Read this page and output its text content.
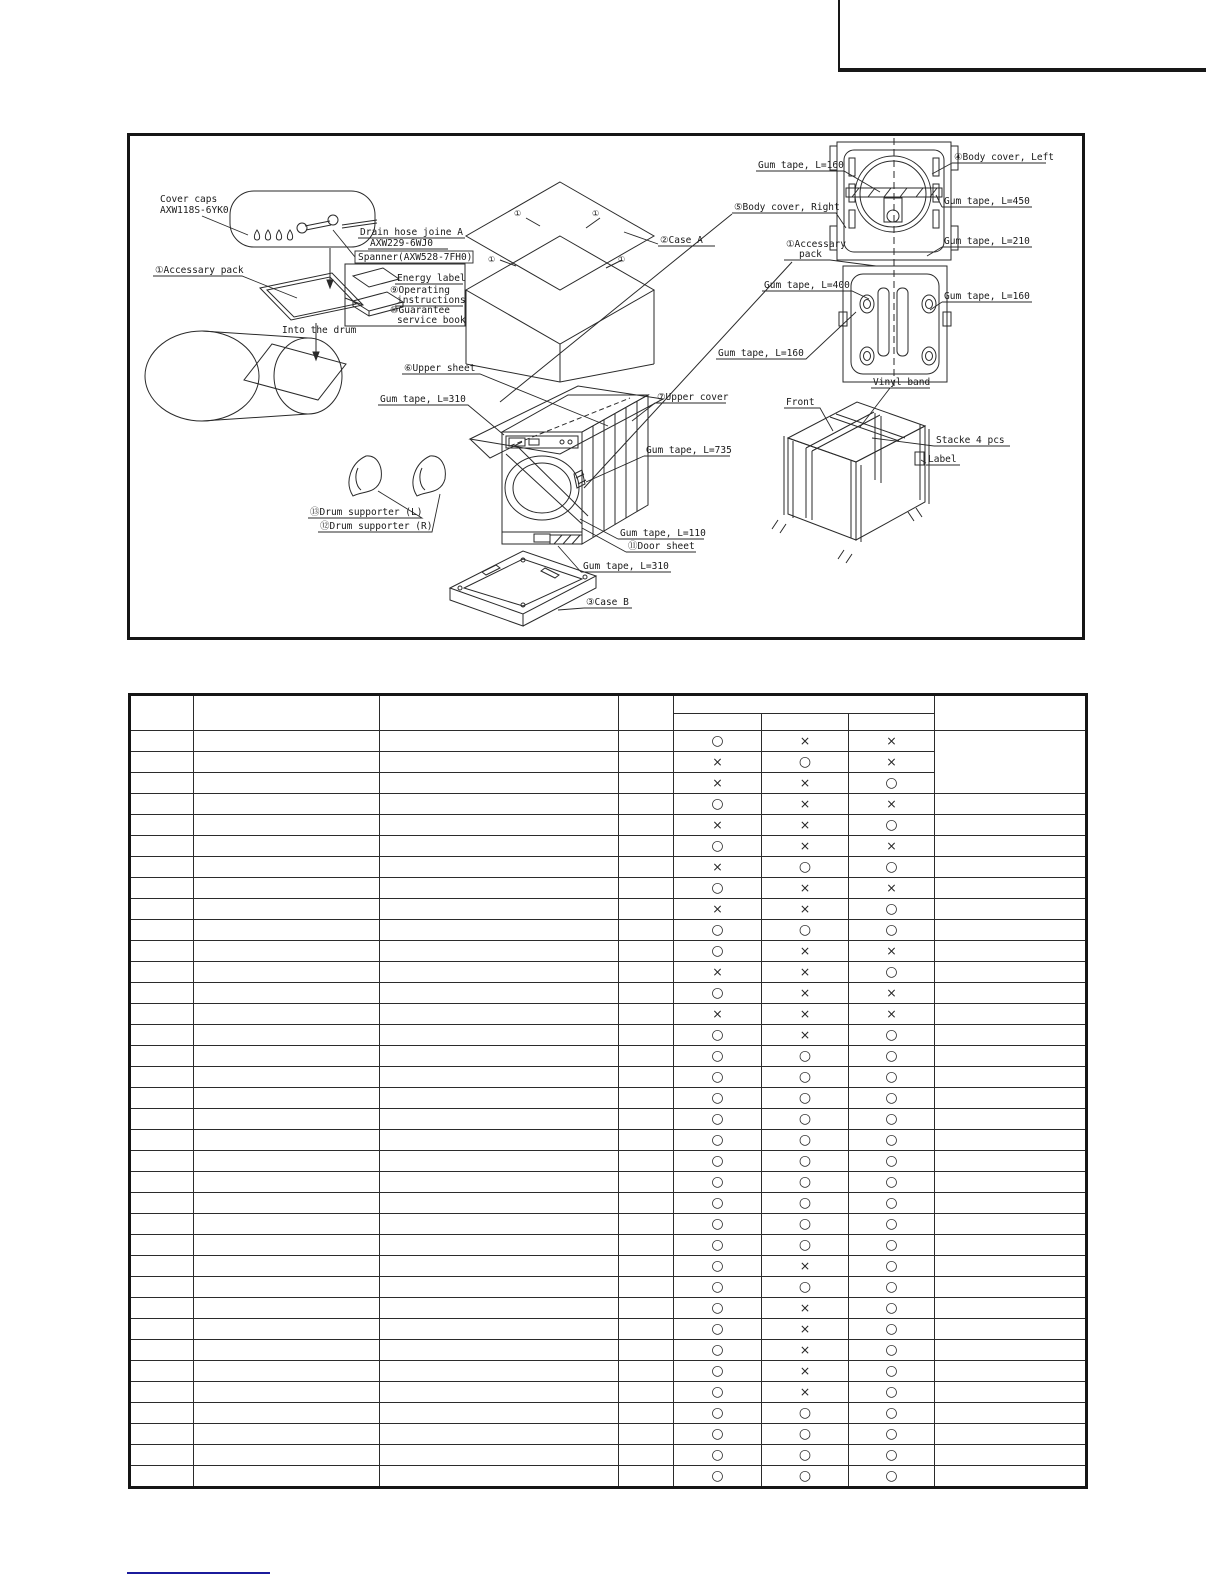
Cover caps
AXW118S-6YK0
Drain hose joine A
AXW229-6WJ0
Spanner(AXW528-7FH0)
①Accessary pack
Energy label
⑨Operating
instructions
⑩Guarantee
service book
Into the drum
②Case A
①	①
①	①
⑥Upper sheet
Gum tape, L=310	⑦Upper cover
Gum tape, L=735
⑬Drum supporter (L)
⑫Drum supporter (R)
Gum tape, L=110
⑪Door sheet
Gum tape, L=310
③Case B
Gum tape, L=160
④Body cover, Left
⑤Body cover, Right
Gum tape, L=450
Gum tape, L=210
①Accessary
pack
Gum tape, L=400
Gum tape, L=160
Gum tape, L=160
Vinyl band
Front
Stacke 4 pcs
Label

				○	×	×	
				×	○	×	
				×	×	○	
				○	×	×	
				×	×	○	
				○	×	×	
				×	○	○	
				○	×	×	
				×	×	○	
				○	○	○	
				○	×	×	
				×	×	○	
				○	×	×	
				×	×	×	
				○	×	○	
				○	○	○	
				○	○	○	
				○	○	○	
				○	○	○	
				○	○	○	
				○	○	○	
				○	○	○	
				○	○	○	
				○	○	○	
				○	○	○	
				○	×	○	
				○	○	○	
				○	×	○	
				○	×	○	
				○	×	○	
				○	×	○	
				○	×	○	
				○	○	○	
				○	○	○	
				○	○	○	
				○	○	○	
